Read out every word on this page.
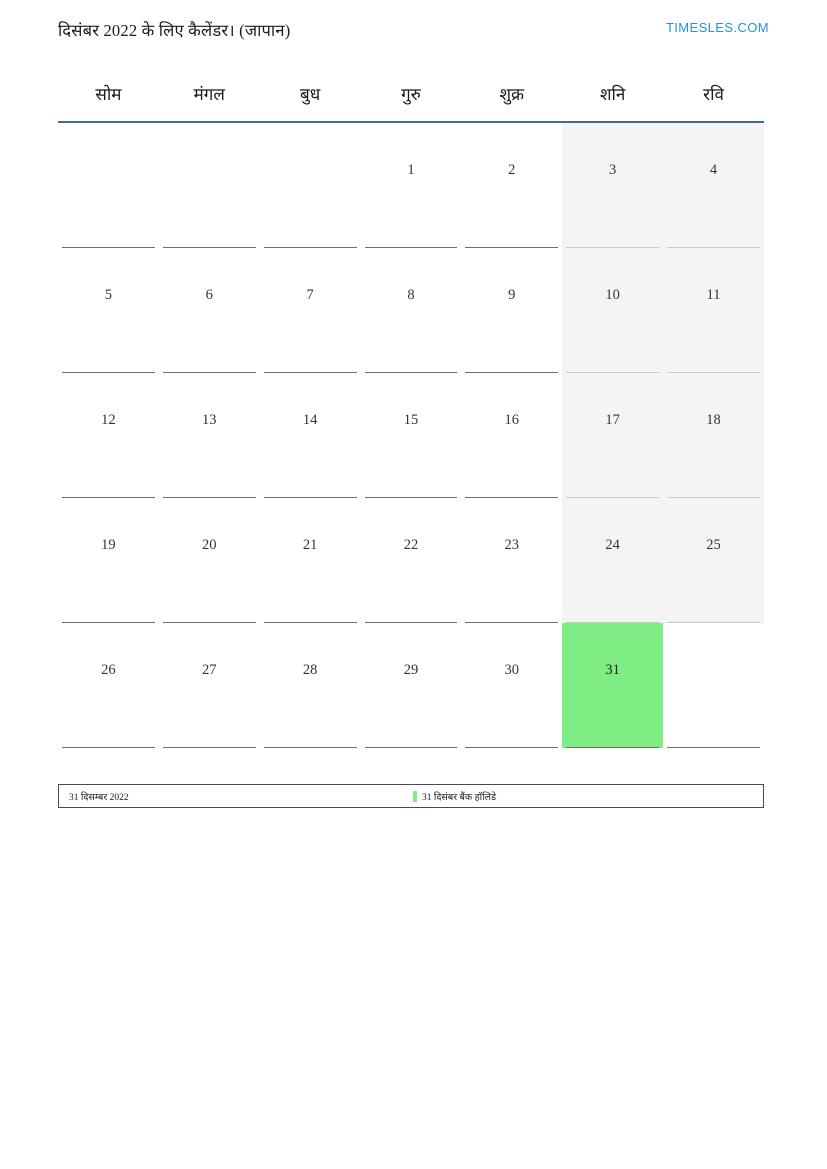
दिसंबर 2022 के लिए कैलेंडर। (जापान)	TIMESLES.COM
सोम	मंगल	बुध	गुरु	शुक्र	शनि	रवि

			1	2	3	4

5	6	7	8	9	10	11

12	13	14	15	16	17	18

19	20	21	22	23	24	25

26	27	28	29	30	31	

31 दिसम्बर 2022	31 दिसंबर बैंक हॉलिडे
